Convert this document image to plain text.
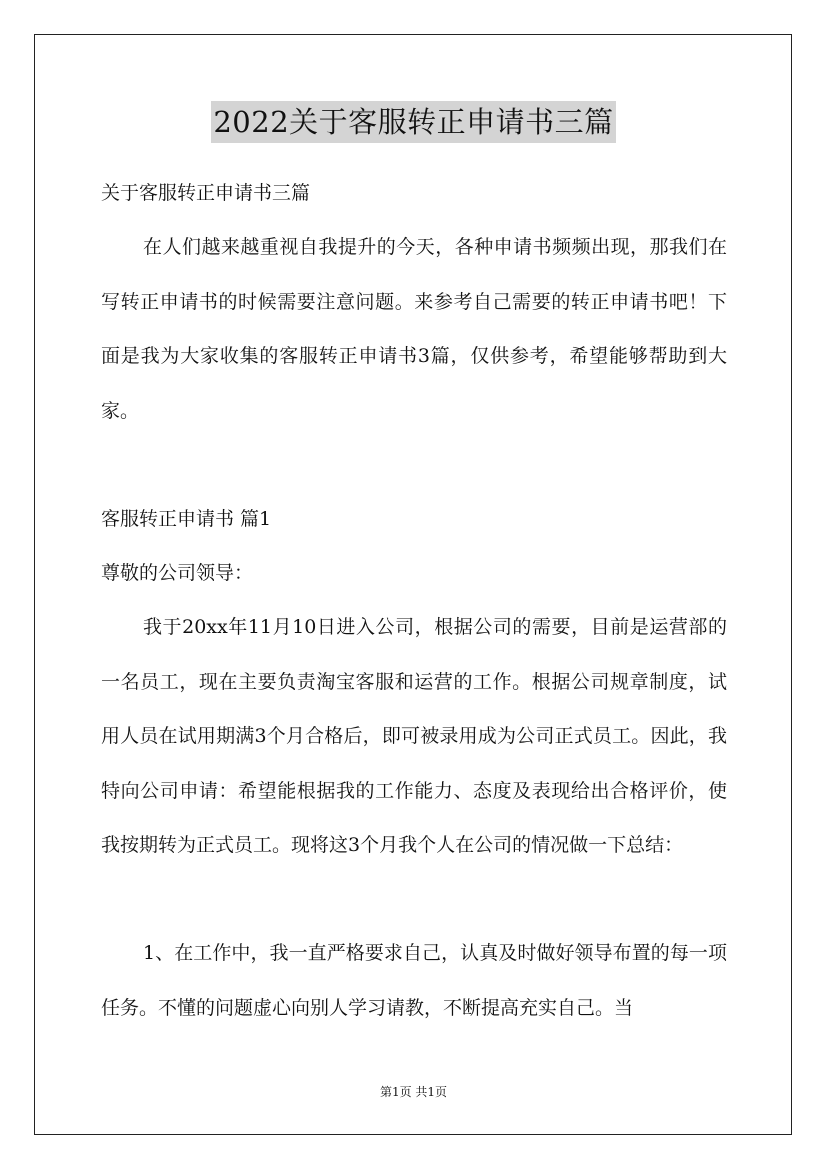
2022关于客服转正申请书三篇

关于客服转正申请书三篇

在人们越来越重视自我提升的今天，各种申请书频频出现，那我们在写转正申请书的时候需要注意问题。来参考自己需要的转正申请书吧！下面是我为大家收集的客服转正申请书3篇，仅供参考，希望能够帮助到大家。

客服转正申请书 篇1

尊敬的公司领导：

我于20xx年11月10日进入公司，根据公司的需要，目前是运营部的一名员工，现在主要负责淘宝客服和运营的工作。根据公司规章制度，试用人员在试用期满3个月合格后，即可被录用成为公司正式员工。因此，我特向公司申请：希望能根据我的工作能力、态度及表现给出合格评价，使我按期转为正式员工。现将这3个月我个人在公司的情况做一下总结：

1、在工作中，我一直严格要求自己，认真及时做好领导布置的每一项任务。不懂的问题虚心向别人学习请教，不断提高充实自己。当

第1页 共1页
